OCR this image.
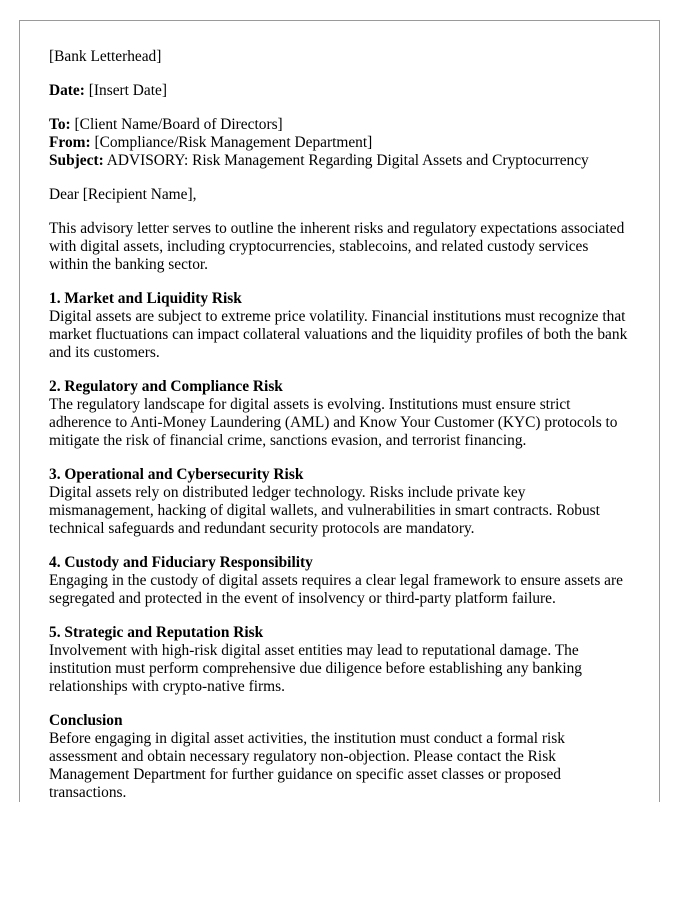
[Bank Letterhead]
Date: [Insert Date]
To: [Client Name/Board of Directors]
From: [Compliance/Risk Management Department]
Subject: ADVISORY: Risk Management Regarding Digital Assets and Cryptocurrency
Dear [Recipient Name],
This advisory letter serves to outline the inherent risks and regulatory expectations associated with digital assets, including cryptocurrencies, stablecoins, and related custody services within the banking sector.
1. Market and Liquidity Risk
Digital assets are subject to extreme price volatility. Financial institutions must recognize that market fluctuations can impact collateral valuations and the liquidity profiles of both the bank and its customers.
2. Regulatory and Compliance Risk
The regulatory landscape for digital assets is evolving. Institutions must ensure strict adherence to Anti-Money Laundering (AML) and Know Your Customer (KYC) protocols to mitigate the risk of financial crime, sanctions evasion, and terrorist financing.
3. Operational and Cybersecurity Risk
Digital assets rely on distributed ledger technology. Risks include private key mismanagement, hacking of digital wallets, and vulnerabilities in smart contracts. Robust technical safeguards and redundant security protocols are mandatory.
4. Custody and Fiduciary Responsibility
Engaging in the custody of digital assets requires a clear legal framework to ensure assets are segregated and protected in the event of insolvency or third-party platform failure.
5. Strategic and Reputation Risk
Involvement with high-risk digital asset entities may lead to reputational damage. The institution must perform comprehensive due diligence before establishing any banking relationships with crypto-native firms.
Conclusion
Before engaging in digital asset activities, the institution must conduct a formal risk assessment and obtain necessary regulatory non-objection. Please contact the Risk Management Department for further guidance on specific asset classes or proposed transactions.
